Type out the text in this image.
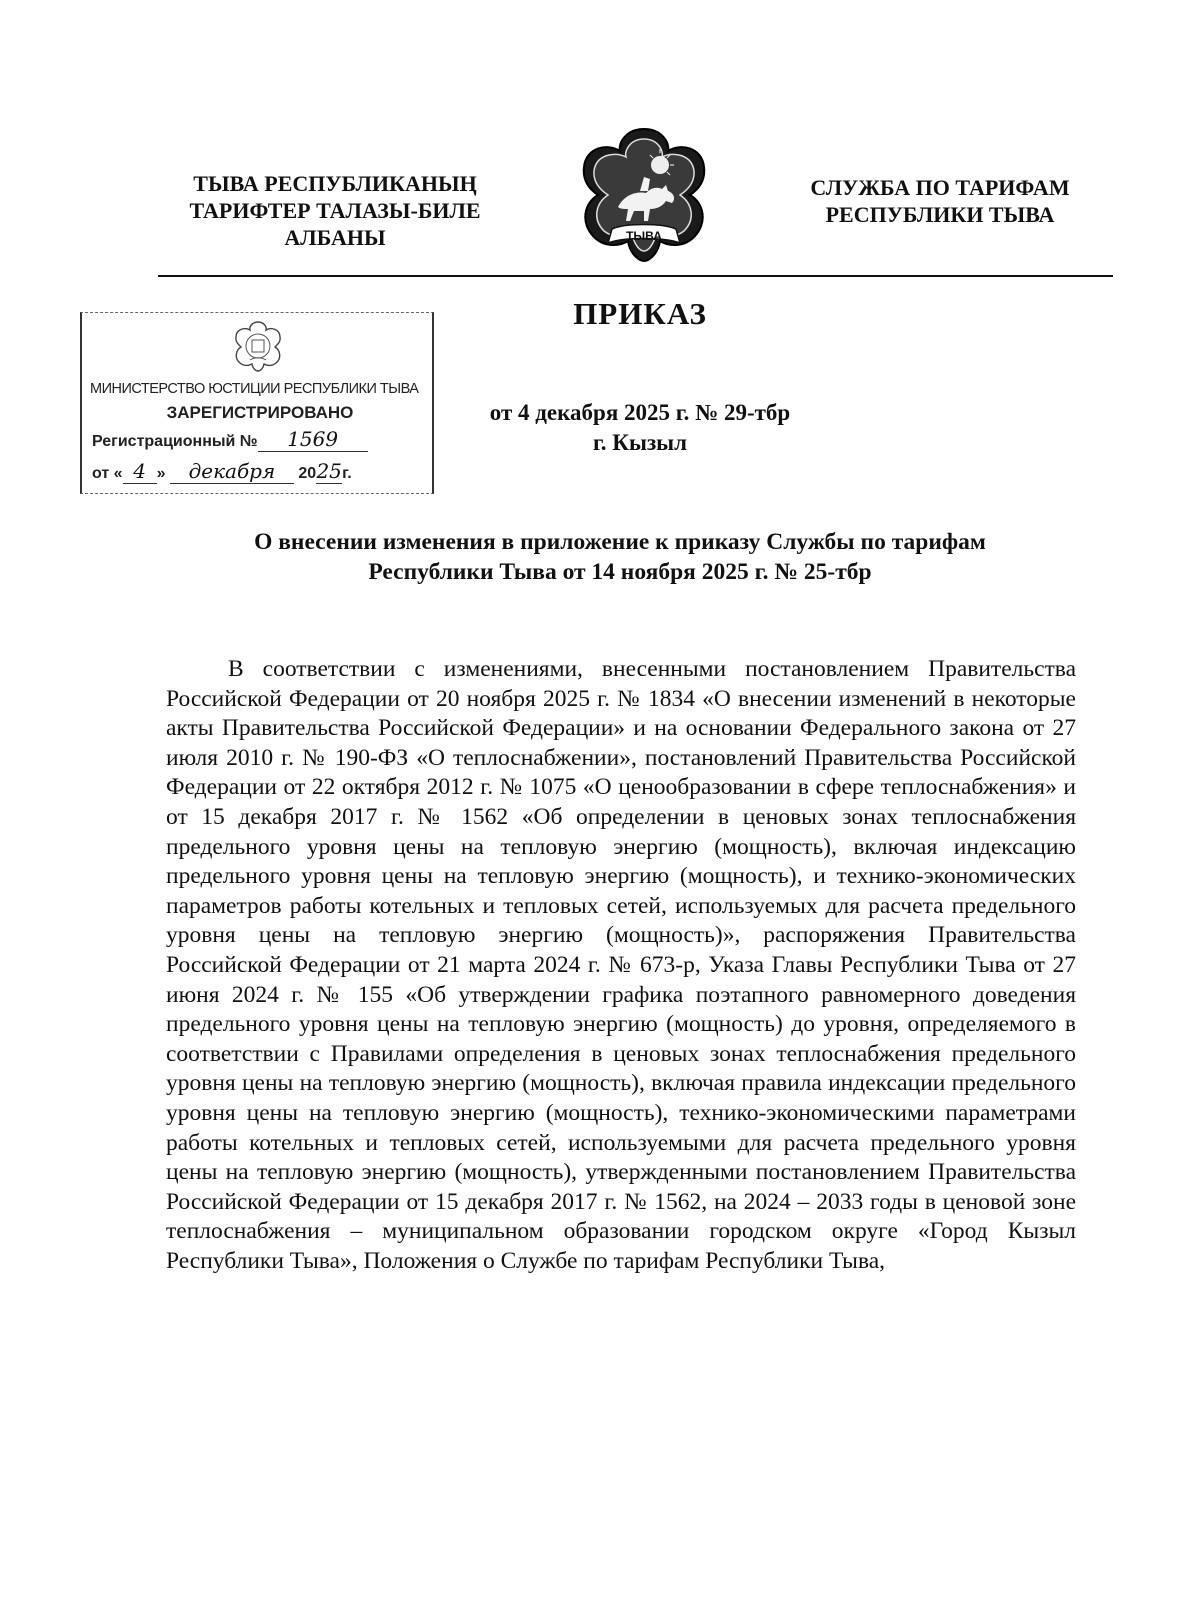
ТЫВА РЕСПУБЛИКАНЫҢ
ТАРИФТЕР ТАЛАЗЫ-БИЛЕ
АЛБАНЫ	ТЫВА
СЛУЖБА ПО ТАРИФАМ
РЕСПУБЛИКИ ТЫВА
ПРИКАЗ
МИНИСТЕРСТВО ЮСТИЦИИ РЕСПУБЛИКИ ТЫВА
ЗАРЕГИСТРИРОВАНО
Регистрационный № 1569
от « 4 » декабря 2025г.
от 4 декабря 2025 г. № 29-тбр
г. Кызыл
О внесении изменения в приложение к приказу Службы по тарифам
Республики Тыва от 14 ноября 2025 г. № 25-тбр

В соответствии с изменениями, внесенными постановлением Правительства Российской Федерации от 20 ноября 2025 г. № 1834 «О внесении изменений в некоторые акты Правительства Российской Федерации» и на основании Федерального закона от 27 июля 2010 г. № 190-ФЗ «О теплоснабжении», постановлений Правительства Российской Федерации от 22 октября 2012 г. № 1075 «О ценообразовании в сфере теплоснабжения» и от 15 декабря 2017 г. № 1562 «Об определении в ценовых зонах теплоснабжения предельного уровня цены на тепловую энергию (мощность), включая индексацию предельного уровня цены на тепловую энергию (мощность), и технико-экономических параметров работы котельных и тепловых сетей, используемых для расчета предельного уровня цены на тепловую энергию (мощность)», распоряжения Правительства Российской Федерации от 21 марта 2024 г. № 673-р, Указа Главы Республики Тыва от 27 июня 2024 г. № 155 «Об утверждении графика поэтапного равномерного доведения предельного уровня цены на тепловую энергию (мощность) до уровня, определяемого в соответствии с Правилами определения в ценовых зонах теплоснабжения предельного уровня цены на тепловую энергию (мощность), включая правила индексации предельного уровня цены на тепловую энергию (мощность), технико-экономическими параметрами работы котельных и тепловых сетей, используемыми для расчета предельного уровня цены на тепловую энергию (мощность), утвержденными постановлением Правительства Российской Федерации от 15 декабря 2017 г. № 1562, на 2024 – 2033 годы в ценовой зоне теплоснабжения – муниципальном образовании городском округе «Город Кызыл Республики Тыва», Положения о Службе по тарифам Республики Тыва,
